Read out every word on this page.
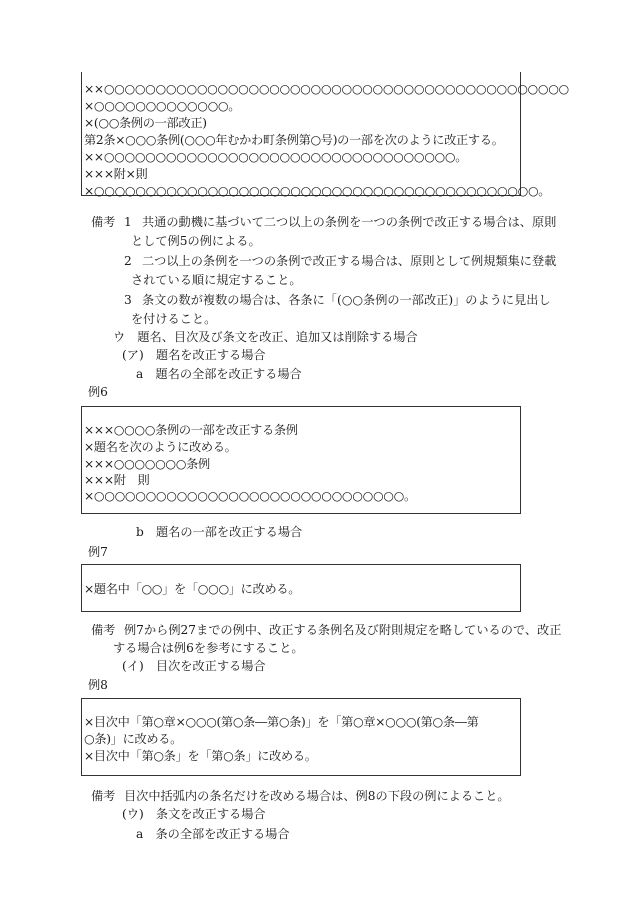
××○○○○○○○○○○○○○○○○○○○○○○○○○○○○○○○○○○○○○○○○○○○○○
×○○○○○○○○○○○○○。
×(○○条例の一部改正)
第2条×○○○条例(○○○年むかわ町条例第○号)の一部を次のように改正する。
××○○○○○○○○○○○○○○○○○○○○○○○○○○○○○○○○○○。
×××附×則
×○○○○○○○○○○○○○○○○○○○○○○○○○○○○○○○○○○○○○○○○○○○。
備考 1 共通の動機に基づいて二つ以上の条例を一つの条例で改正する場合は、原則
として例5の例による。
2 二つ以上の条例を一つの条例で改正する場合は、原則として例規類集に登載
されている順に規定すること。
3 条文の数が複数の場合は、各条に「(○○条例の一部改正)」のように見出し
を付けること。
ウ　題名、目次及び条文を改正、追加又は削除する場合
(ア)　題名を改正する場合
a　題名の全部を改正する場合
例6
×××○○○○条例の一部を改正する条例
×題名を次のように改める。
×××○○○○○○○条例
×××附　則
×○○○○○○○○○○○○○○○○○○○○○○○○○○○○○○。
b　題名の一部を改正する場合
例7
×題名中「○○」を「○○○」に改める。
備考 例7から例27までの例中、改正する条例名及び附則規定を略しているので、改正
する場合は例6を参考にすること。
(イ)　目次を改正する場合
例8
×目次中「第○章×○○○(第○条―第○条)」を「第○章×○○○(第○条―第
○条)」に改める。
×目次中「第○条」を「第○条」に改める。
備考 目次中括弧内の条名だけを改める場合は、例8の下段の例によること。
(ウ)　条文を改正する場合
a　条の全部を改正する場合
